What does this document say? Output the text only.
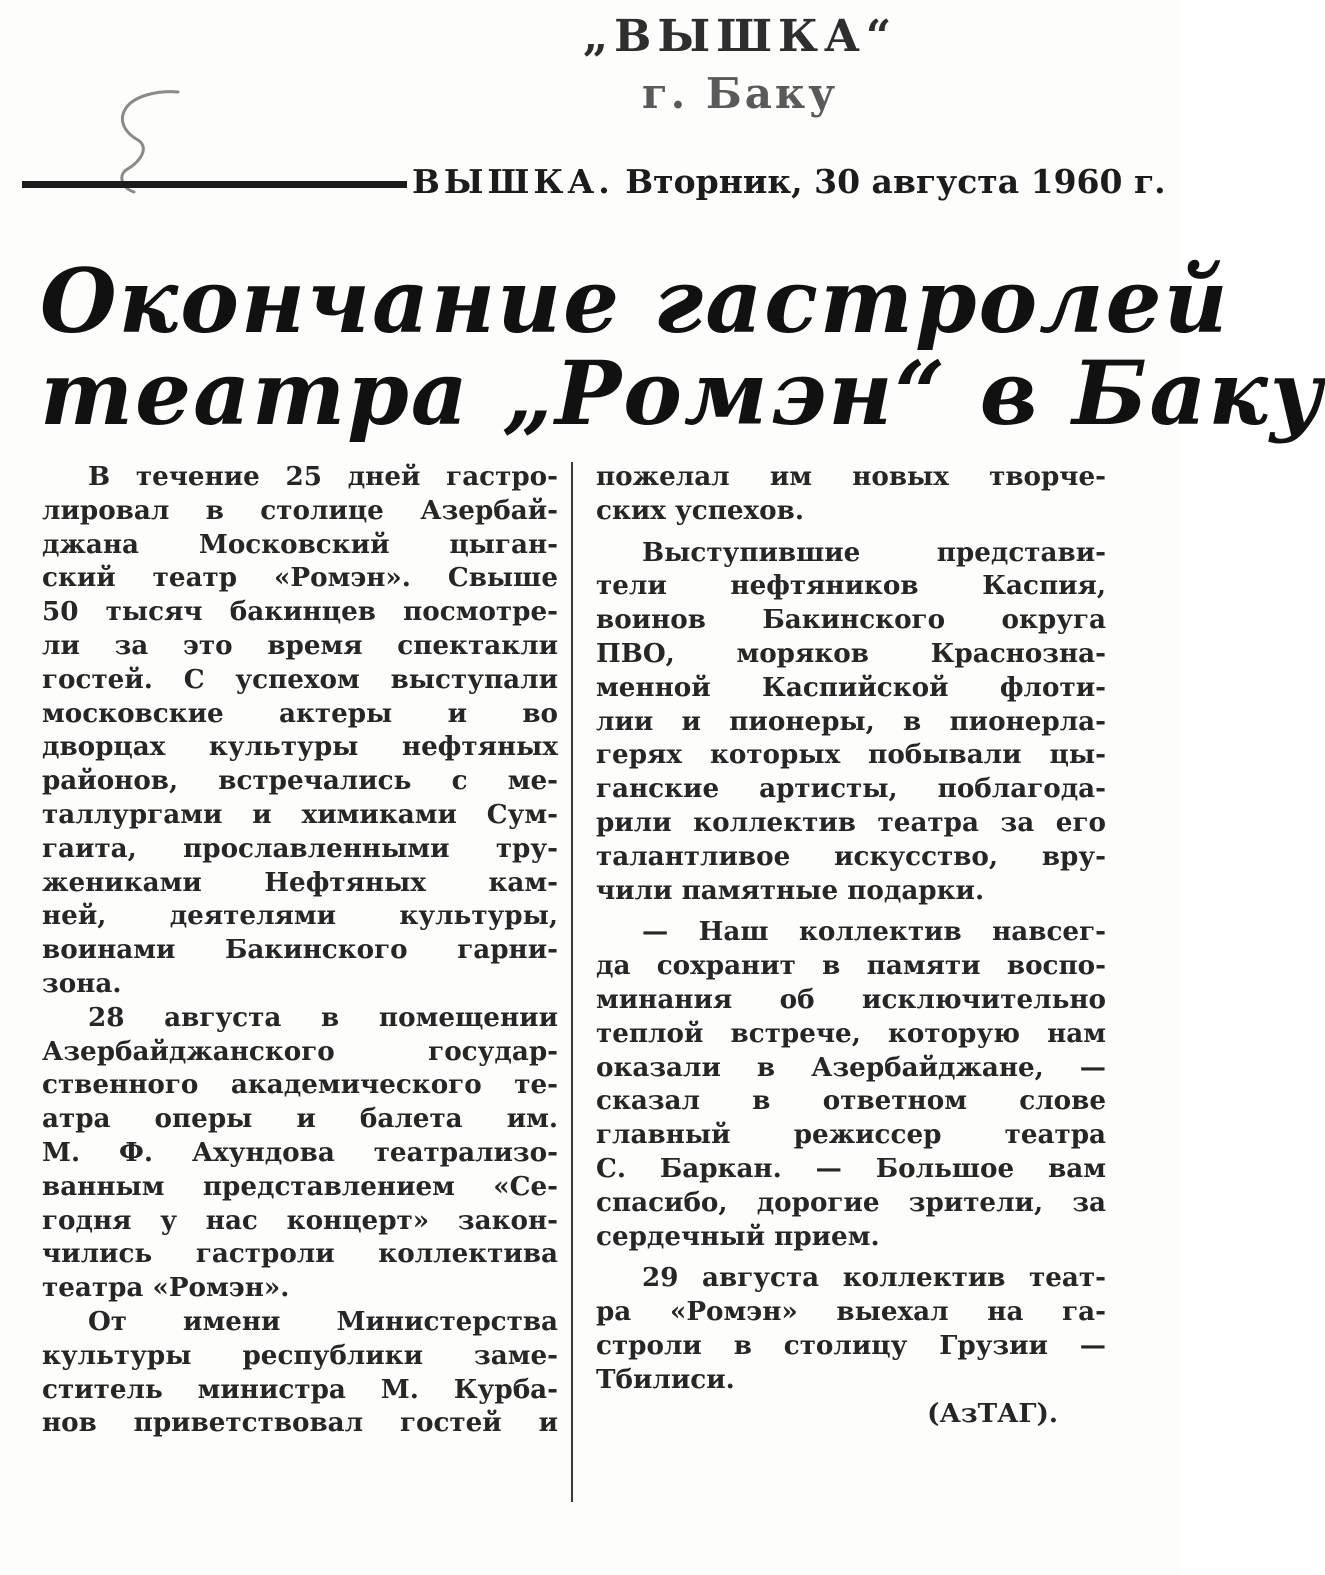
„ВЫШКА“
г. Баку
ВЫШКА. Вторник, 30 августа 1960 г.
Окончание гастролей
театра „Ромэн“ в Баку
В течение 25 дней гастро-
лировал в столице Азербай-
джана Московский цыган-
ский театр «Ромэн». Свыше
50 тысяч бакинцев посмотре-
ли за это время спектакли
гостей. С успехом выступали
московские актеры и во
дворцах культуры нефтяных
районов, встречались с ме-
таллургами и химиками Сум-
гаита, прославленными тру-
жениками Нефтяных кам-
ней, деятелями культуры,
воинами Бакинского гарни-
зона.
28 августа в помещении
Азербайджанского государ-
ственного академического те-
атра оперы и балета им.
М. Ф. Ахундова театрализо-
ванным представлением «Се-
годня у нас концерт» закон-
чились гастроли коллектива
театра «Ромэн».
От имени Министерства
культуры республики заме-
ститель министра М. Курба-
нов приветствовал гостей и
пожелал им новых творче-
ских успехов.
Выступившие представи-
тели нефтяников Каспия,
воинов Бакинского округа
ПВО, моряков Краснозна-
менной Каспийской флоти-
лии и пионеры, в пионерла-
герях которых побывали цы-
ганские артисты, поблагода-
рили коллектив театра за его
талантливое искусство, вру-
чили памятные подарки.
— Наш коллектив навсег-
да сохранит в памяти воспо-
минания об исключительно
теплой встрече, которую нам
оказали в Азербайджане, —
сказал в ответном слове
главный режиссер театра
С. Баркан. — Большое вам
спасибо, дорогие зрители, за
сердечный прием.
29 августа коллектив теат-
ра «Ромэн» выехал на га-
строли в столицу Грузии —
Тбилиси.
(АзТАГ).
